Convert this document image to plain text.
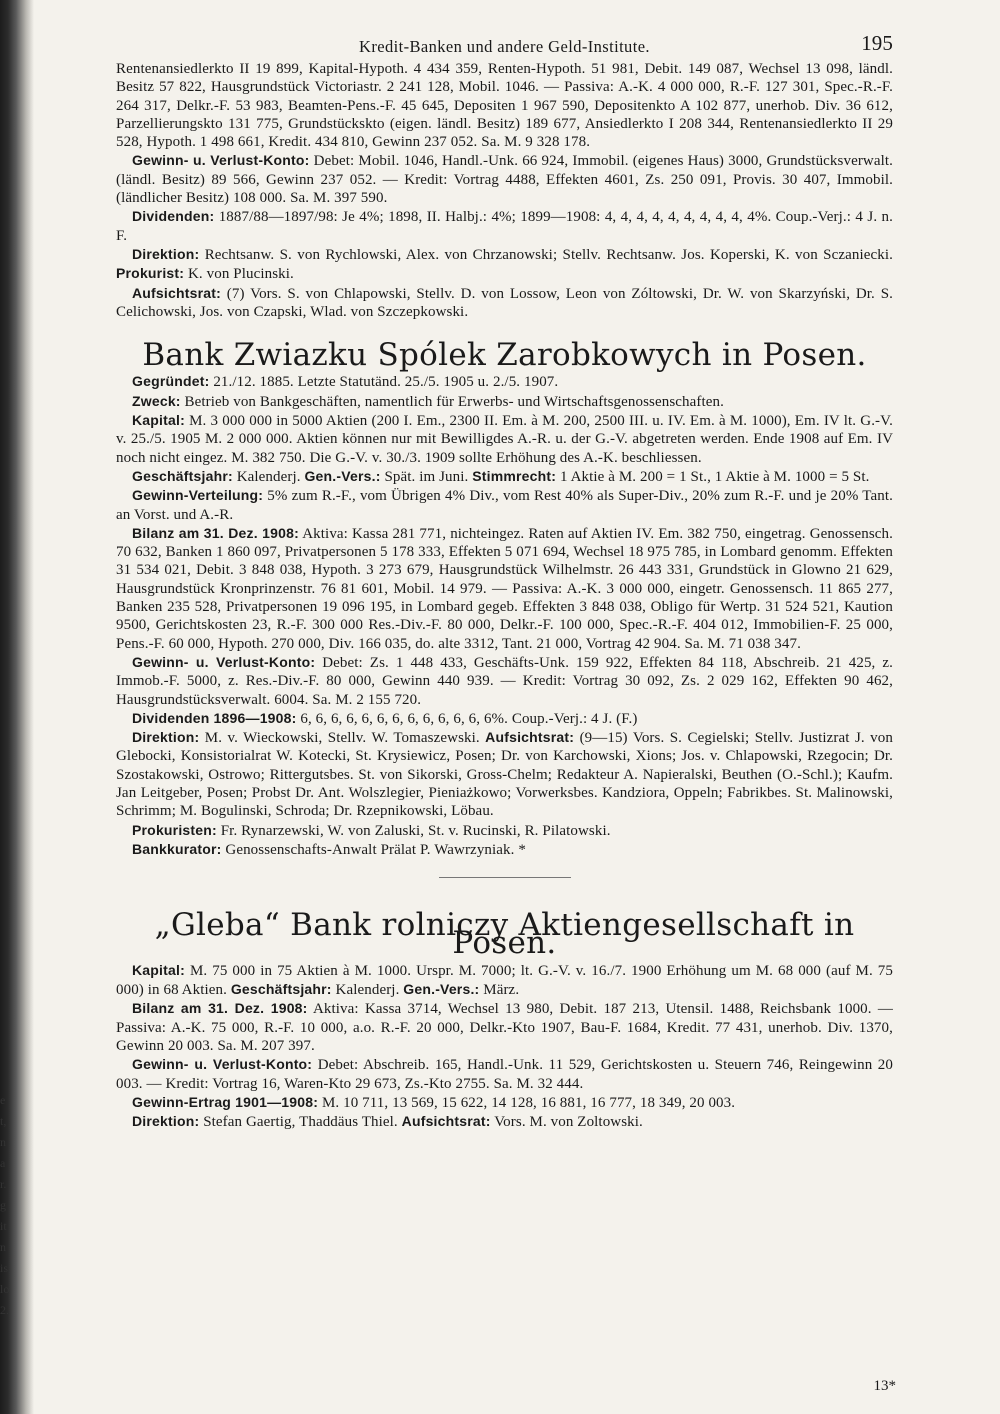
e
t,
n
a
r.
g
it
n
is
lo
2.
Kredit-Banken und andere Geld-Institute.	195

Rentenansiedlerkto II 19 899, Kapital-Hypoth. 4 434 359, Renten-Hypoth. 51 981, Debit. 149 087, Wechsel 13 098, ländl. Besitz 57 822, Hausgrundstück Victoriastr. 2 241 128, Mobil. 1046. — Passiva: A.-K. 4 000 000, R.-F. 127 301, Spec.-R.-F. 264 317, Delkr.-F. 53 983, Beamten-Pens.-F. 45 645, Depositen 1 967 590, Depositenkto A 102 877, unerhob. Div. 36 612, Parzellierungskto 131 775, Grundstückskto (eigen. ländl. Besitz) 189 677, Ansiedlerkto I 208 344, Rentenansiedlerkto II 29 528, Hypoth. 1 498 661, Kredit. 434 810, Gewinn 237 052. Sa. M. 9 328 178.

Gewinn- u. Verlust-Konto: Debet: Mobil. 1046, Handl.-Unk. 66 924, Immobil. (eigenes Haus) 3000, Grundstücksverwalt. (ländl. Besitz) 89 566, Gewinn 237 052. — Kredit: Vortrag 4488, Effekten 4601, Zs. 250 091, Provis. 30 407, Immobil. (ländlicher Besitz) 108 000. Sa. M. 397 590.

Dividenden: 1887/88—1897/98: Je 4%; 1898, II. Halbj.: 4%; 1899—1908: 4, 4, 4, 4, 4, 4, 4, 4, 4, 4%. Coup.-Verj.: 4 J. n. F.

Direktion: Rechtsanw. S. von Rychlowski, Alex. von Chrzanowski; Stellv. Rechtsanw. Jos. Koperski, K. von Sczaniecki. Prokurist: K. von Plucinski.

Aufsichtsrat: (7) Vors. S. von Chlapowski, Stellv. D. von Lossow, Leon von Zóltowski, Dr. W. von Skarzyński, Dr. S. Celichowski, Jos. von Czapski, Wlad. von Szczepkowski.

Bank Zwiazku Spólek Zarobkowych in Posen.

Gegründet: 21./12. 1885. Letzte Statutänd. 25./5. 1905 u. 2./5. 1907.

Zweck: Betrieb von Bankgeschäften, namentlich für Erwerbs- und Wirtschaftsgenossenschaften.

Kapital: M. 3 000 000 in 5000 Aktien (200 I. Em., 2300 II. Em. à M. 200, 2500 III. u. IV. Em. à M. 1000), Em. IV lt. G.-V. v. 25./5. 1905 M. 2 000 000. Aktien können nur mit Bewilligdes A.-R. u. der G.-V. abgetreten werden. Ende 1908 auf Em. IV noch nicht eingez. M. 382 750. Die G.-V. v. 30./3. 1909 sollte Erhöhung des A.-K. beschliessen.

Geschäftsjahr: Kalenderj. Gen.-Vers.: Spät. im Juni. Stimmrecht: 1 Aktie à M. 200 = 1 St., 1 Aktie à M. 1000 = 5 St.

Gewinn-Verteilung: 5% zum R.-F., vom Übrigen 4% Div., vom Rest 40% als Super-Div., 20% zum R.-F. und je 20% Tant. an Vorst. und A.-R.

Bilanz am 31. Dez. 1908: Aktiva: Kassa 281 771, nichteingez. Raten auf Aktien IV. Em. 382 750, eingetrag. Genossensch. 70 632, Banken 1 860 097, Privatpersonen 5 178 333, Effekten 5 071 694, Wechsel 18 975 785, in Lombard genomm. Effekten 31 534 021, Debit. 3 848 038, Hypoth. 3 273 679, Hausgrundstück Wilhelmstr. 26 443 331, Grundstück in Glowno 21 629, Hausgrundstück Kronprinzenstr. 76 81 601, Mobil. 14 979. — Passiva: A.-K. 3 000 000, eingetr. Genossensch. 11 865 277, Banken 235 528, Privatpersonen 19 096 195, in Lombard gegeb. Effekten 3 848 038, Obligo für Wertp. 31 524 521, Kaution 9500, Gerichtskosten 23, R.-F. 300 000 Res.-Div.-F. 80 000, Delkr.-F. 100 000, Spec.-R.-F. 404 012, Immobilien-F. 25 000, Pens.-F. 60 000, Hypoth. 270 000, Div. 166 035, do. alte 3312, Tant. 21 000, Vortrag 42 904. Sa. M. 71 038 347.

Gewinn- u. Verlust-Konto: Debet: Zs. 1 448 433, Geschäfts-Unk. 159 922, Effekten 84 118, Abschreib. 21 425, z. Immob.-F. 5000, z. Res.-Div.-F. 80 000, Gewinn 440 939. — Kredit: Vortrag 30 092, Zs. 2 029 162, Effekten 90 462, Hausgrundstücksverwalt. 6004. Sa. M. 2 155 720.

Dividenden 1896—1908: 6, 6, 6, 6, 6, 6, 6, 6, 6, 6, 6, 6, 6%. Coup.-Verj.: 4 J. (F.)

Direktion: M. v. Wieckowski, Stellv. W. Tomaszewski. Aufsichtsrat: (9—15) Vors. S. Cegielski; Stellv. Justizrat J. von Glebocki, Konsistorialrat W. Kotecki, St. Krysiewicz, Posen; Dr. von Karchowski, Xions; Jos. v. Chlapowski, Rzegocin; Dr. Szostakowski, Ostrowo; Rittergutsbes. St. von Sikorski, Gross-Chelm; Redakteur A. Napieralski, Beuthen (O.-Schl.); Kaufm. Jan Leitgeber, Posen; Probst Dr. Ant. Wolszlegier, Pieniażkowo; Vorwerksbes. Kandziora, Oppeln; Fabrikbes. St. Malinowski, Schrimm; M. Bogulinski, Schroda; Dr. Rzepnikowski, Löbau.

Prokuristen: Fr. Rynarzewski, W. von Zaluski, St. v. Rucinski, R. Pilatowski.

Bankkurator: Genossenschafts-Anwalt Prälat P. Wawrzyniak. *

„Gleba“ Bank rolniczy Aktiengesellschaft in Posen.

Kapital: M. 75 000 in 75 Aktien à M. 1000. Urspr. M. 7000; lt. G.-V. v. 16./7. 1900 Erhöhung um M. 68 000 (auf M. 75 000) in 68 Aktien. Geschäftsjahr: Kalenderj. Gen.-Vers.: März.

Bilanz am 31. Dez. 1908: Aktiva: Kassa 3714, Wechsel 13 980, Debit. 187 213, Utensil. 1488, Reichsbank 1000. — Passiva: A.-K. 75 000, R.-F. 10 000, a.o. R.-F. 20 000, Delkr.-Kto 1907, Bau-F. 1684, Kredit. 77 431, unerhob. Div. 1370, Gewinn 20 003. Sa. M. 207 397.

Gewinn- u. Verlust-Konto: Debet: Abschreib. 165, Handl.-Unk. 11 529, Gerichtskosten u. Steuern 746, Reingewinn 20 003. — Kredit: Vortrag 16, Waren-Kto 29 673, Zs.-Kto 2755. Sa. M. 32 444.

Gewinn-Ertrag 1901—1908: M. 10 711, 13 569, 15 622, 14 128, 16 881, 16 777, 18 349, 20 003.

Direktion: Stefan Gaertig, Thaddäus Thiel. Aufsichtsrat: Vors. M. von Zoltowski.

13*
